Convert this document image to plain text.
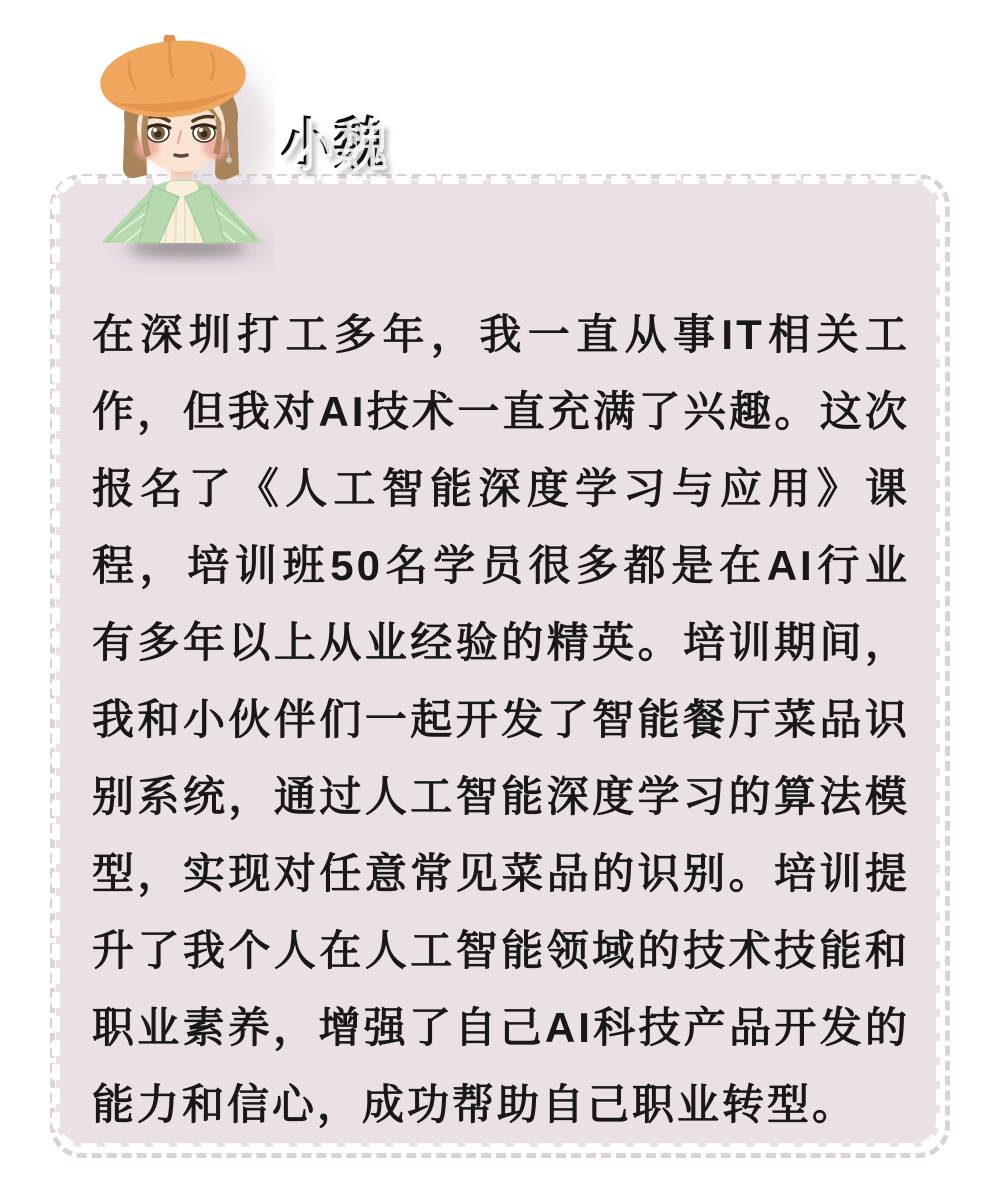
在深圳打工多年，我一直从事IT相关工作，但我对AI技术一直充满了兴趣。这次报名了《人工智能深度学习与应用》课程，培训班50名学员很多都是在AI行业有多年以上从业经验的精英。培训期间，我和小伙伴们一起开发了智能餐厅菜品识别系统，通过人工智能深度学习的算法模型，实现对任意常见菜品的识别。培训提升了我个人在人工智能领域的技术技能和职业素养，增强了自己AI科技产品开发的能力和信心，成功帮助自己职业转型。

小魏
